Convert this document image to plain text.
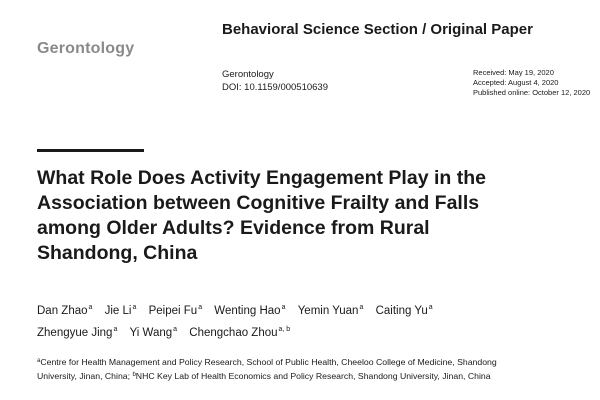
Gerontology
Behavioral Science Section / Original Paper
Gerontology
DOI: 10.1159/000510639
Received: May 19, 2020
Accepted: August 4, 2020
Published online: October 12, 2020
What Role Does Activity Engagement Play in the Association between Cognitive Frailty and Falls among Older Adults? Evidence from Rural Shandong, China
Dan Zhao$^a$ Jie Li$^a$ Peipei Fu$^a$ Wenting Hao$^a$ Yemin Yuan$^a$ Caiting Yu$^a$ Zhengyue Jing$^a$ Yi Wang$^a$ Chengchao Zhou$^{a, b}$
$^a$Centre for Health Management and Policy Research, School of Public Health, Cheeloo College of Medicine, Shandong University, Jinan, China; $^b$NHC Key Lab of Health Economics and Policy Research, Shandong University, Jinan, China
